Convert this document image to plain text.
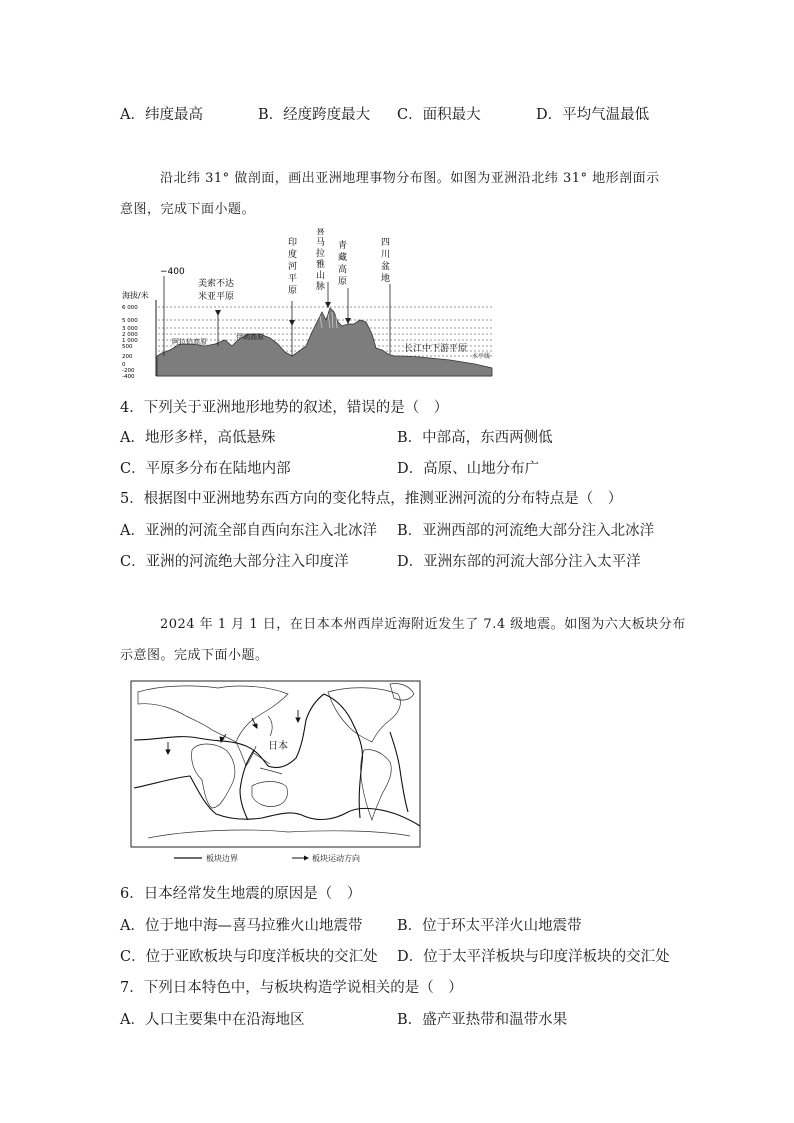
A．纬度最高	B．经度跨度最大 C．面积最大	D．平均气温最低
沿北纬 31° 做剖面，画出亚洲地理事物分布图。如图为亚洲沿北纬 31° 地形剖面示
意图，完成下面小题。
海拔/米
6 000
5 000
3 000
2 000
1 000
500
200
0
-200
-400
−400
美索不达
米亚平原
印
度
河
平
原
喜
马
拉
雅
山
脉
青
藏
高
原
四
川
盆
地
阿拉伯高原
伊朗高原
长江中下游平原
水平线
4．下列关于亚洲地形地势的叙述，错误的是（　）
A．地形多样，高低悬殊	B．中部高，东西两侧低
C．平原多分布在陆地内部	D．高原、山地分布广
5．根据图中亚洲地势东西方向的变化特点，推测亚洲河流的分布特点是（　）
A．亚洲的河流全部自西向东注入北冰洋 B．亚洲西部的河流绝大部分注入北冰洋
C．亚洲的河流绝大部分注入印度洋	D．亚洲东部的河流大部分注入太平洋
2024 年 1 月 1 日，在日本本州西岸近海附近发生了 7.4 级地震。如图为六大板块分布
示意图。完成下面小题。
日本
板块边界	板块运动方向
6．日本经常发生地震的原因是（　）
A．位于地中海—喜马拉雅火山地震带 B．位于环太平洋火山地震带
C．位于亚欧板块与印度洋板块的交汇处 D．位于太平洋板块与印度洋板块的交汇处
7．下列日本特色中，与板块构造学说相关的是（　）
A．人口主要集中在沿海地区	B．盛产亚热带和温带水果
